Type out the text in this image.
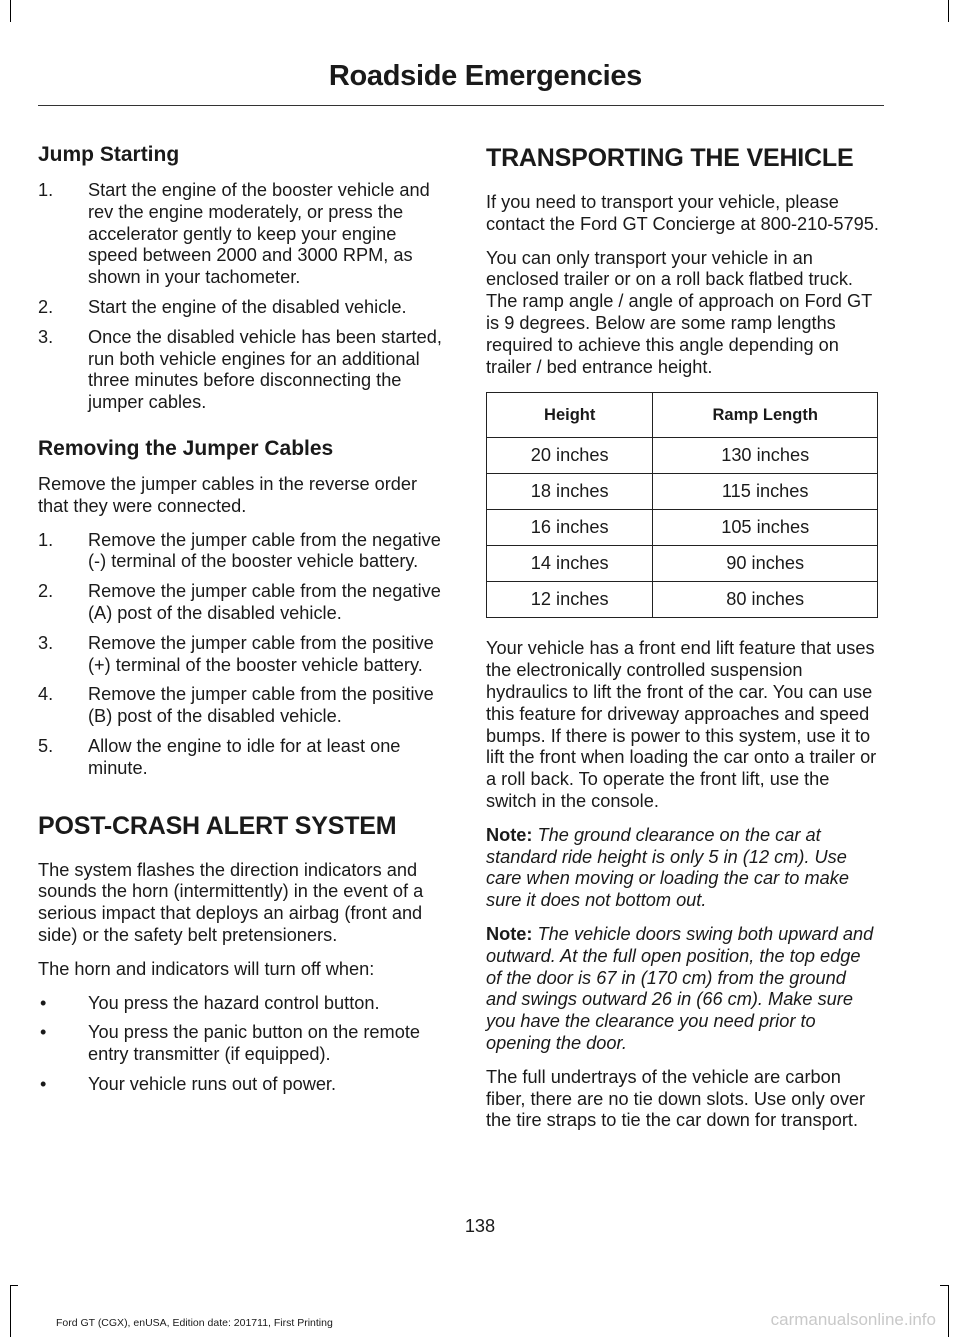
Roadside Emergencies
Jump Starting
1. Start the engine of the booster vehicle and rev the engine moderately, or press the accelerator gently to keep your engine speed between 2000 and 3000 RPM, as shown in your tachometer.
2. Start the engine of the disabled vehicle.
3. Once the disabled vehicle has been started, run both vehicle engines for an additional three minutes before disconnecting the jumper cables.
Removing the Jumper Cables

Remove the jumper cables in the reverse order that they were connected.

1. Remove the jumper cable from the negative (-) terminal of the booster vehicle battery.
2. Remove the jumper cable from the negative (A) post of the disabled vehicle.
3. Remove the jumper cable from the positive (+) terminal of the booster vehicle battery.
4. Remove the jumper cable from the positive (B) post of the disabled vehicle.
5. Allow the engine to idle for at least one minute.
POST-CRASH ALERT SYSTEM

The system flashes the direction indicators and sounds the horn (intermittently) in the event of a serious impact that deploys an airbag (front and side) or the safety belt pretensioners.

The horn and indicators will turn off when:

• You press the hazard control button.
• You press the panic button on the remote entry transmitter (if equipped).
• Your vehicle runs out of power.
TRANSPORTING THE VEHICLE

If you need to transport your vehicle, please contact the Ford GT Concierge at 800-210-5795.

You can only transport your vehicle in an enclosed trailer or on a roll back flatbed truck. The ramp angle / angle of approach on Ford GT is 9 degrees. Below are some ramp lengths required to achieve this angle depending on trailer / bed entrance height.

Height	Ramp Length
20 inches	130 inches
18 inches	115 inches
16 inches	105 inches
14 inches	90 inches
12 inches	80 inches

Your vehicle has a front end lift feature that uses the electronically controlled suspension hydraulics to lift the front of the car. You can use this feature for driveway approaches and speed bumps. If there is power to this system, use it to lift the front when loading the car onto a trailer or a roll back. To operate the front lift, use the switch in the console.

Note: The ground clearance on the car at standard ride height is only 5 in (12 cm). Use care when moving or loading the car to make sure it does not bottom out.

Note: The vehicle doors swing both upward and outward. At the full open position, the top edge of the door is 67 in (170 cm) from the ground and swings outward 26 in (66 cm). Make sure you have the clearance you need prior to opening the door.

The full undertrays of the vehicle are carbon fiber, there are no tie down slots. Use only over the tire straps to tie the car down for transport.

138
Ford GT (CGX), enUSA, Edition date: 201711, First Printing	carmanualsonline.info
